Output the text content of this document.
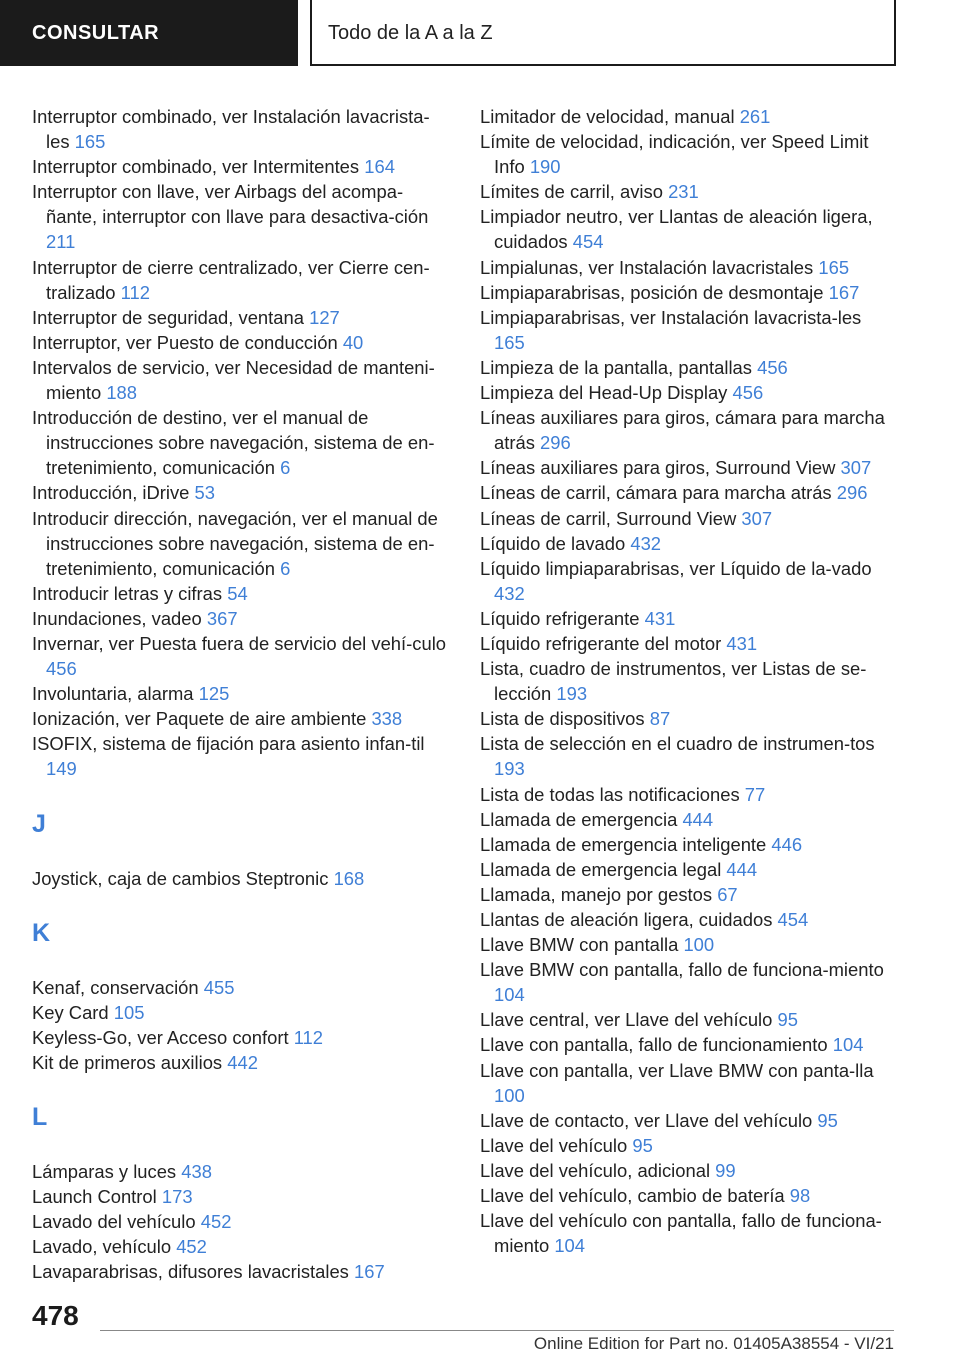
CONSULTAR	Todo de la A a la Z
Interruptor combinado, ver Instalación lavacrista‐les 165
Interruptor combinado, ver Intermitentes 164
Interruptor con llave, ver Airbags del acompa‐ñante, interruptor con llave para desactiva‐ción 211
Interruptor de cierre centralizado, ver Cierre cen‐tralizado 112
Interruptor de seguridad, ventana 127
Interruptor, ver Puesto de conducción 40
Intervalos de servicio, ver Necesidad de manteni‐miento 188
Introducción de destino, ver el manual de instrucciones sobre navegación, sistema de en‐tretenimiento, comunicación 6
Introducción, iDrive 53
Introducir dirección, navegación, ver el manual de instrucciones sobre navegación, sistema de en‐tretenimiento, comunicación 6
Introducir letras y cifras 54
Inundaciones, vadeo 367
Invernar, ver Puesta fuera de servicio del vehí‐culo 456
Involuntaria, alarma 125
Ionización, ver Paquete de aire ambiente 338
ISOFIX, sistema de fijación para asiento infan‐til 149
J
Joystick, caja de cambios Steptronic 168
K
Kenaf, conservación 455
Key Card 105
Keyless-Go, ver Acceso confort 112
Kit de primeros auxilios 442
L
Lámparas y luces 438
Launch Control 173
Lavado del vehículo 452
Lavado, vehículo 452
Lavaparabrisas, difusores lavacristales 167
Limitador de velocidad, manual 261
Límite de velocidad, indicación, ver Speed Limit Info 190
Límites de carril, aviso 231
Limpiador neutro, ver Llantas de aleación ligera, cuidados 454
Limpialunas, ver Instalación lavacristales 165
Limpiaparabrisas, posición de desmontaje 167
Limpiaparabrisas, ver Instalación lavacrista‐les 165
Limpieza de la pantalla, pantallas 456
Limpieza del Head-Up Display 456
Líneas auxiliares para giros, cámara para marcha atrás 296
Líneas auxiliares para giros, Surround View 307
Líneas de carril, cámara para marcha atrás 296
Líneas de carril, Surround View 307
Líquido de lavado 432
Líquido limpiaparabrisas, ver Líquido de la‐vado 432
Líquido refrigerante 431
Líquido refrigerante del motor 431
Lista, cuadro de instrumentos, ver Listas de se‐lección 193
Lista de dispositivos 87
Lista de selección en el cuadro de instrumen‐tos 193
Lista de todas las notificaciones 77
Llamada de emergencia 444
Llamada de emergencia inteligente 446
Llamada de emergencia legal 444
Llamada, manejo por gestos 67
Llantas de aleación ligera, cuidados 454
Llave BMW con pantalla 100
Llave BMW con pantalla, fallo de funciona‐miento 104
Llave central, ver Llave del vehículo 95
Llave con pantalla, fallo de funcionamiento 104
Llave con pantalla, ver Llave BMW con panta‐lla 100
Llave de contacto, ver Llave del vehículo 95
Llave del vehículo 95
Llave del vehículo, adicional 99
Llave del vehículo, cambio de batería 98
Llave del vehículo con pantalla, fallo de funciona‐miento 104
478
Online Edition for Part no. 01405A38554 - VI/21
